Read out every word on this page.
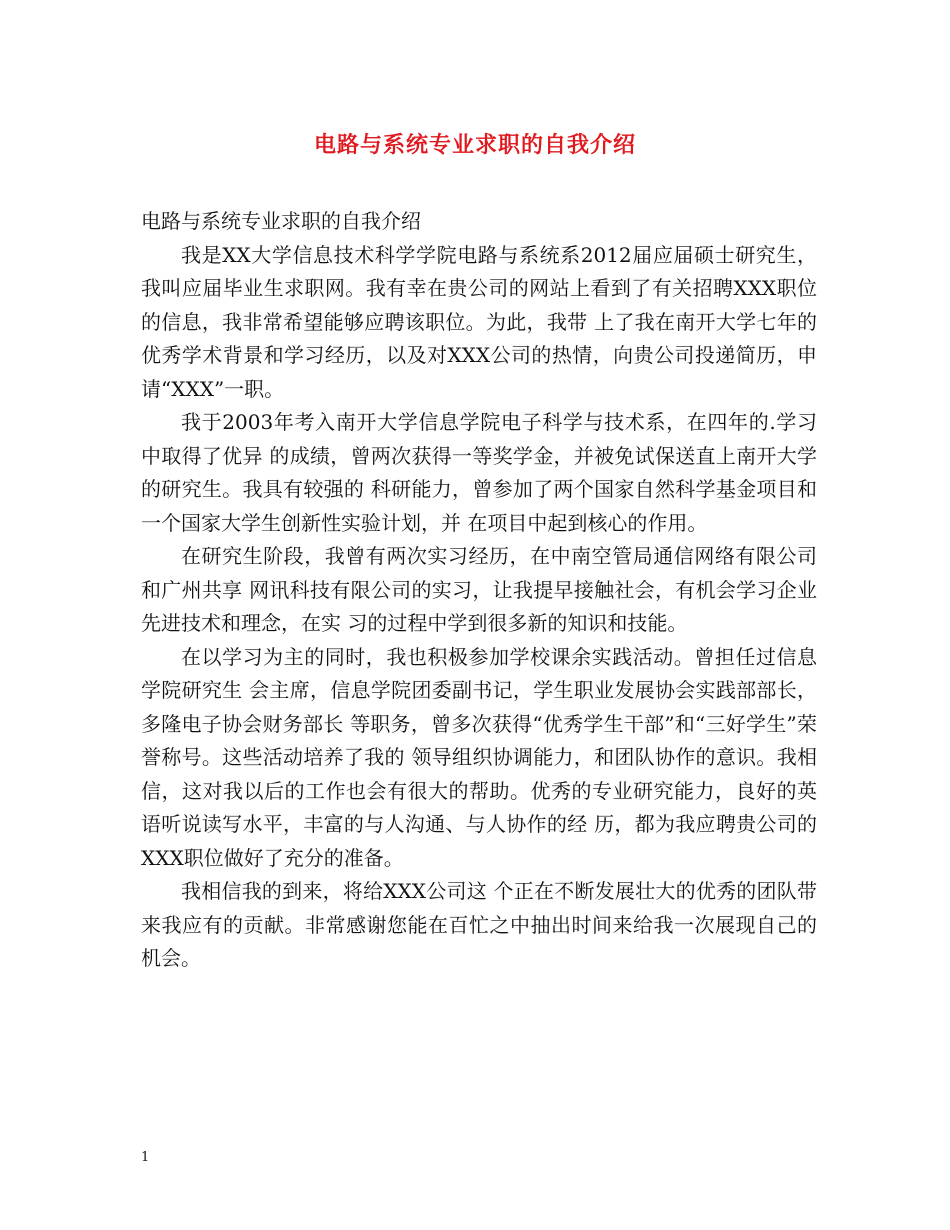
电路与系统专业求职的自我介绍

电路与系统专业求职的自我介绍

我是XX大学信息技术科学学院电路与系统系2012届应届硕士研究生，我叫应届毕业生求职网。我有幸在贵公司的网站上看到了有关招聘XXX职位的信息，我非常希望能够应聘该职位。为此，我带 上了我在南开大学七年的优秀学术背景和学习经历，以及对XXX公司的热情，向贵公司投递简历，申请“XXX”一职。

我于2003年考入南开大学信息学院电子科学与技术系，在四年的.学习中取得了优异 的成绩，曾两次获得一等奖学金，并被免试保送直上南开大学的研究生。我具有较强的 科研能力，曾参加了两个国家自然科学基金项目和一个国家大学生创新性实验计划，并 在项目中起到核心的作用。

在研究生阶段，我曾有两次实习经历，在中南空管局通信网络有限公司和广州共享 网讯科技有限公司的实习，让我提早接触社会，有机会学习企业先进技术和理念，在实 习的过程中学到很多新的知识和技能。

在以学习为主的同时，我也积极参加学校课余实践活动。曾担任过信息学院研究生 会主席，信息学院团委副书记，学生职业发展协会实践部部长，多隆电子协会财务部长 等职务，曾多次获得“优秀学生干部”和“三好学生”荣誉称号。这些活动培养了我的 领导组织协调能力，和团队协作的意识。我相信，这对我以后的工作也会有很大的帮助。优秀的专业研究能力，良好的英语听说读写水平，丰富的与人沟通、与人协作的经 历，都为我应聘贵公司的XXX职位做好了充分的准备。

我相信我的到来，将给XXX公司这 个正在不断发展壮大的优秀的团队带来我应有的贡献。非常感谢您能在百忙之中抽出时间来给我一次展现自己的机会。

1
